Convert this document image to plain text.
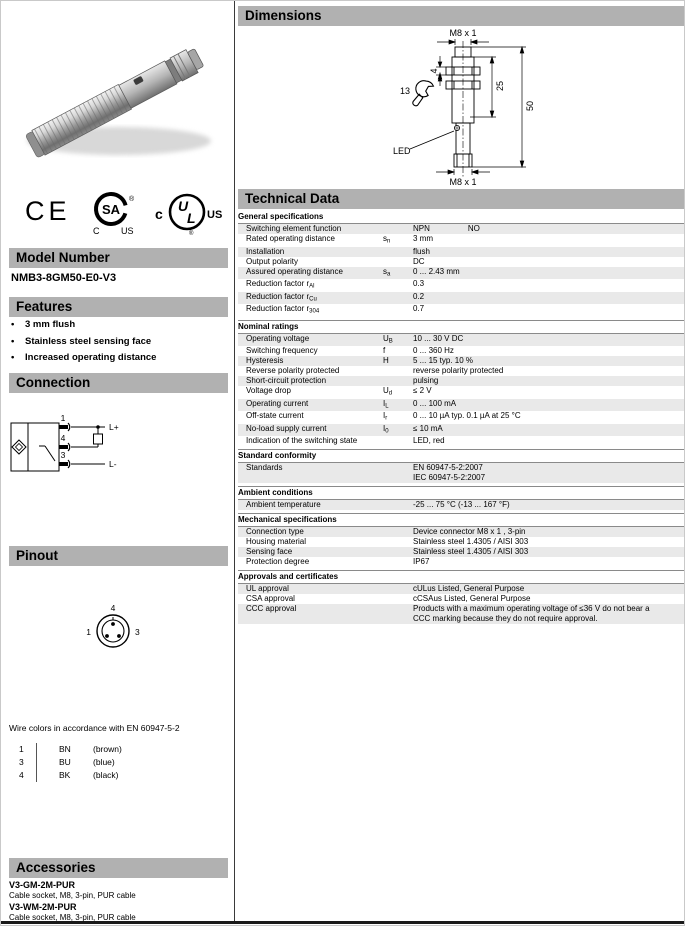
CE SA
®
C US
c U
L US
®
Model Number
NMB3-8GM50-E0-V3
Features
•	3 mm flush
•	Stainless steel sensing face
•	Increased operating distance
Connection
1
L+
4
3
L-
Pinout
4
1	3
Wire colors in accordance with EN 60947-5-2
1	BN	(brown)
3	BU	(blue)
4	BK	(black)
Accessories
V3-GM-2M-PUR
Cable socket, M8, 3-pin, PUR cable
V3-WM-2M-PUR
Cable socket, M8, 3-pin, PUR cable
Dimensions
LED
M8 x 1
4
25
50
13
M8 x 1
Technical Data
General specifications
Switching element function	NPN	NO
Rated operating distance	$s_n$	3 mm
Installation	flush
Output polarity	DC
Assured operating distance	$s_a$	0 ... 2.43 mm
Reduction factor $r_{Al}$	0.3
Reduction factor $r_{Cu}$	0.2
Reduction factor $r_{304}$	0.7
Nominal ratings
Operating voltage	$U_B$	10 ... 30 V DC
Switching frequency	f	0 ... 360 Hz
Hysteresis	H	5 ... 15 typ. 10 %
Reverse polarity protected	reverse polarity protected
Short-circuit protection	pulsing
Voltage drop	$U_d$	≤ 2 V
Operating current	$I_L$	0 ... 100 mA
Off-state current	$I_r$	0 ... 10 µA typ. 0.1 µA at 25 °C
No-load supply current	$I_0$	≤ 10 mA
Indication of the switching state	LED, red
Standard conformity
Standards	EN 60947-5-2:2007
IEC 60947-5-2:2007
Ambient conditions
Ambient temperature	-25 ... 75 °C (-13 ... 167 °F)
Mechanical specifications
Connection type	Device connector M8 x 1 , 3-pin
Housing material	Stainless steel 1.4305 / AISI 303
Sensing face	Stainless steel 1.4305 / AISI 303
Protection degree	IP67
Approvals and certificates
UL approval	cULus Listed, General Purpose
CSA approval	cCSAus Listed, General Purpose
CCC approval	Products with a maximum operating voltage of ≤36 V do not bear a
CCC marking because they do not require approval.
